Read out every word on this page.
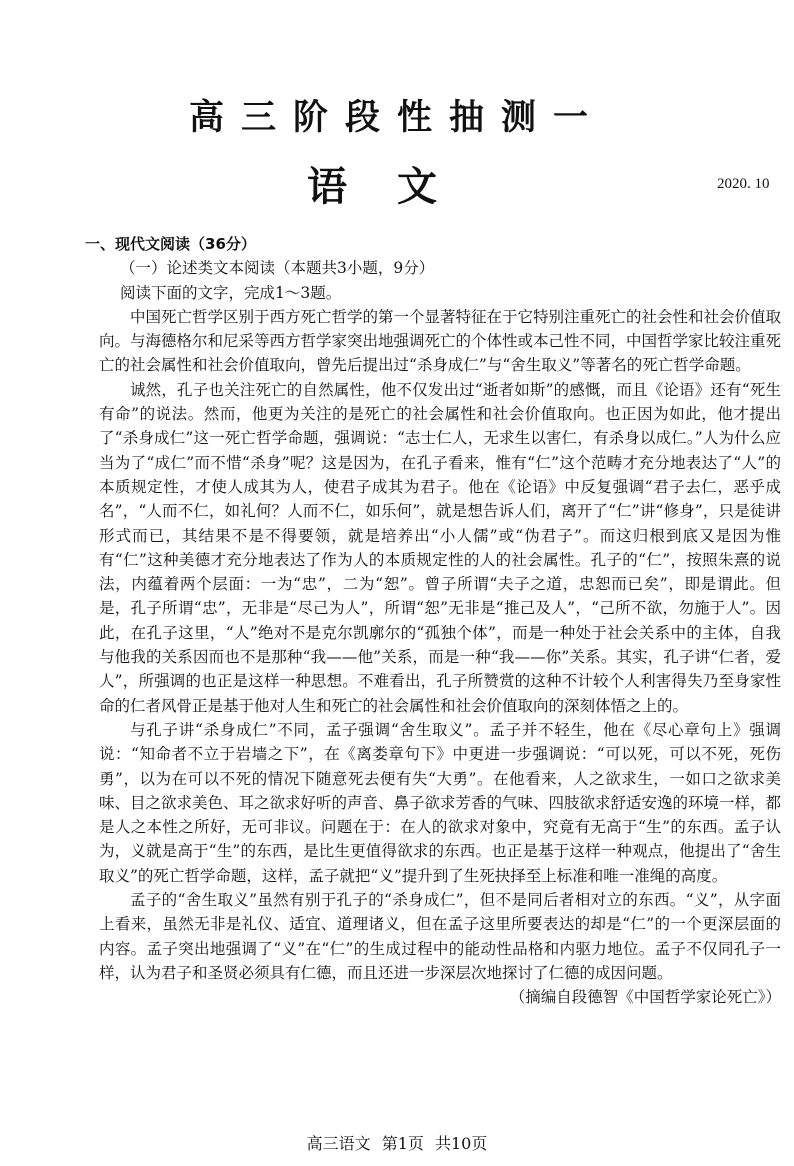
高三阶段性抽测一
语文	2020. 10

一、现代文阅读（36分）

（一）论述类文本阅读（本题共3小题，9分）

阅读下面的文字，完成1～3题。

中国死亡哲学区别于西方死亡哲学的第一个显著特征在于它特别注重死亡的社会性和社会价值取向。与海德格尔和尼采等西方哲学家突出地强调死亡的个体性或本己性不同，中国哲学家比较注重死亡的社会属性和社会价值取向，曾先后提出过“杀身成仁”与“舍生取义”等著名的死亡哲学命题。

诚然，孔子也关注死亡的自然属性，他不仅发出过“逝者如斯”的感慨，而且《论语》还有“死生有命”的说法。然而，他更为关注的是死亡的社会属性和社会价值取向。也正因为如此，他才提出了“杀身成仁”这一死亡哲学命题，强调说：“志士仁人，无求生以害仁，有杀身以成仁。”人为什么应当为了“成仁”而不惜“杀身”呢？这是因为，在孔子看来，惟有“仁”这个范畴才充分地表达了“人”的本质规定性，才使人成其为人，使君子成其为君子。他在《论语》中反复强调“君子去仁，恶乎成名”，“人而不仁，如礼何？人而不仁，如乐何”，就是想告诉人们，离开了“仁”讲“修身”，只是徒讲形式而已，其结果不是不得要领，就是培养出“小人儒”或“伪君子”。而这归根到底又是因为惟有“仁”这种美德才充分地表达了作为人的本质规定性的人的社会属性。孔子的“仁”，按照朱熹的说法，内蕴着两个层面：一为“忠”，二为“恕”。曾子所谓“夫子之道，忠恕而已矣”，即是谓此。但是，孔子所谓“忠”，无非是“尽己为人”，所谓“恕”无非是“推己及人”，“己所不欲，勿施于人”。因此，在孔子这里，“人”绝对不是克尔凯廓尔的“孤独个体”，而是一种处于社会关系中的主体，自我与他我的关系因而也不是那种“我——他”关系，而是一种“我——你”关系。其实，孔子讲“仁者，爱人”，所强调的也正是这样一种思想。不难看出，孔子所赞赏的这种不计较个人利害得失乃至身家性命的仁者风骨正是基于他对人生和死亡的社会属性和社会价值取向的深刻体悟之上的。

与孔子讲“杀身成仁”不同，孟子强调“舍生取义”。孟子并不轻生，他在《尽心章句上》强调说：“知命者不立于岩墙之下”，在《离娄章句下》中更进一步强调说：“可以死，可以不死，死伤勇”，以为在可以不死的情况下随意死去便有失“大勇”。在他看来，人之欲求生，一如口之欲求美味、目之欲求美色、耳之欲求好听的声音、鼻子欲求芳香的气味、四肢欲求舒适安逸的环境一样，都是人之本性之所好，无可非议。问题在于：在人的欲求对象中，究竟有无高于“生”的东西。孟子认为，义就是高于“生”的东西，是比生更值得欲求的东西。也正是基于这样一种观点，他提出了“舍生取义”的死亡哲学命题，这样，孟子就把“义”提升到了生死抉择至上标准和唯一准绳的高度。

孟子的“舍生取义”虽然有别于孔子的“杀身成仁”，但不是同后者相对立的东西。“义”，从字面上看来，虽然无非是礼仪、适宜、道理诸义，但在孟子这里所要表达的却是“仁”的一个更深层面的内容。孟子突出地强调了“义”在“仁”的生成过程中的能动性品格和内驱力地位。孟子不仅同孔子一样，认为君子和圣贤必须具有仁德，而且还进一步深层次地探讨了仁德的成因问题。

（摘编自段德智《中国哲学家论死亡》）

高三语文 第1页 共10页
